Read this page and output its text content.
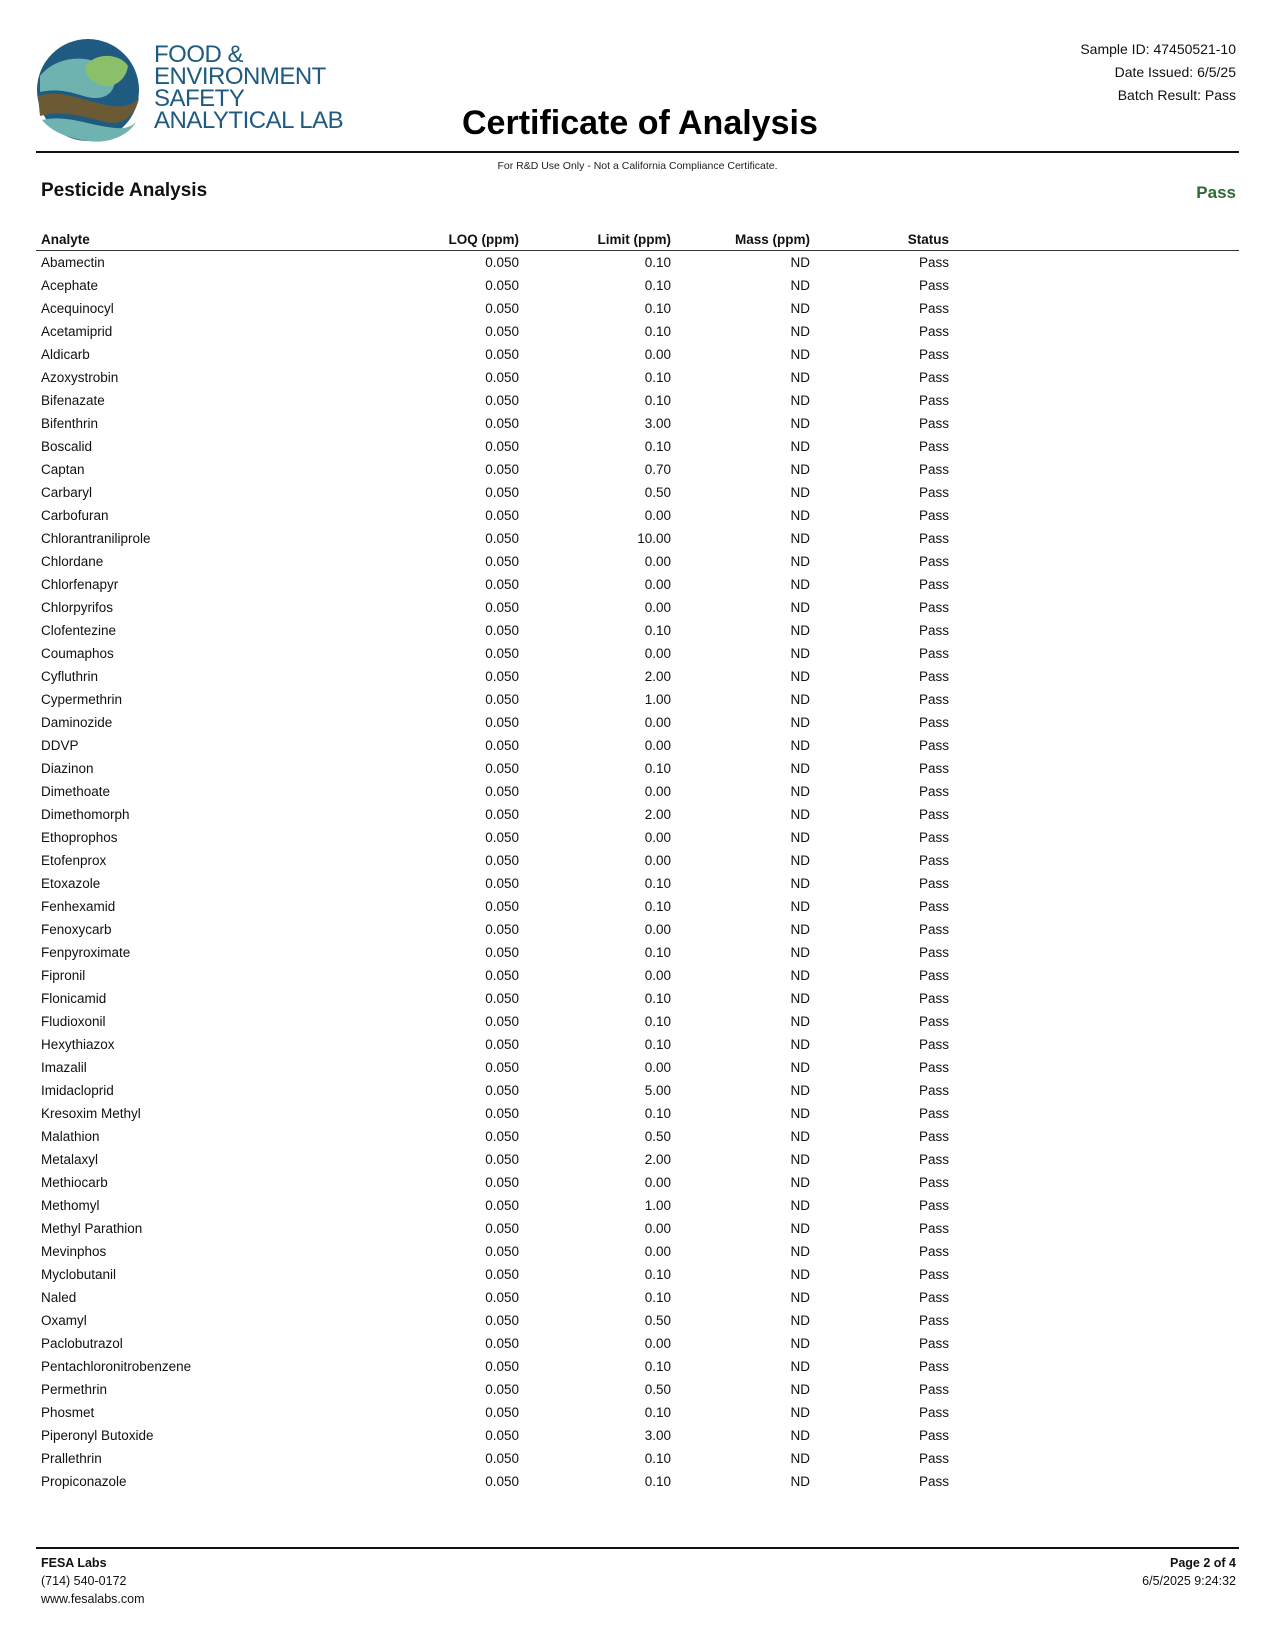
FOOD &
ENVIRONMENT
SAFETY
ANALYTICAL LAB	Certificate of Analysis
Sample ID: 47450521-10
Date Issued: 6/5/25
Batch Result: Pass
For R&D Use Only - Not a California Compliance Certificate.
Pesticide Analysis	Pass
Analyte	LOQ (ppm)	Limit (ppm)	Mass (ppm)	Status
Abamectin	0.050	0.10	ND	Pass
Acephate	0.050	0.10	ND	Pass
Acequinocyl	0.050	0.10	ND	Pass
Acetamiprid	0.050	0.10	ND	Pass
Aldicarb	0.050	0.00	ND	Pass
Azoxystrobin	0.050	0.10	ND	Pass
Bifenazate	0.050	0.10	ND	Pass
Bifenthrin	0.050	3.00	ND	Pass
Boscalid	0.050	0.10	ND	Pass
Captan	0.050	0.70	ND	Pass
Carbaryl	0.050	0.50	ND	Pass
Carbofuran	0.050	0.00	ND	Pass
Chlorantraniliprole	0.050	10.00	ND	Pass
Chlordane	0.050	0.00	ND	Pass
Chlorfenapyr	0.050	0.00	ND	Pass
Chlorpyrifos	0.050	0.00	ND	Pass
Clofentezine	0.050	0.10	ND	Pass
Coumaphos	0.050	0.00	ND	Pass
Cyfluthrin	0.050	2.00	ND	Pass
Cypermethrin	0.050	1.00	ND	Pass
Daminozide	0.050	0.00	ND	Pass
DDVP	0.050	0.00	ND	Pass
Diazinon	0.050	0.10	ND	Pass
Dimethoate	0.050	0.00	ND	Pass
Dimethomorph	0.050	2.00	ND	Pass
Ethoprophos	0.050	0.00	ND	Pass
Etofenprox	0.050	0.00	ND	Pass
Etoxazole	0.050	0.10	ND	Pass
Fenhexamid	0.050	0.10	ND	Pass
Fenoxycarb	0.050	0.00	ND	Pass
Fenpyroximate	0.050	0.10	ND	Pass
Fipronil	0.050	0.00	ND	Pass
Flonicamid	0.050	0.10	ND	Pass
Fludioxonil	0.050	0.10	ND	Pass
Hexythiazox	0.050	0.10	ND	Pass
Imazalil	0.050	0.00	ND	Pass
Imidacloprid	0.050	5.00	ND	Pass
Kresoxim Methyl	0.050	0.10	ND	Pass
Malathion	0.050	0.50	ND	Pass
Metalaxyl	0.050	2.00	ND	Pass
Methiocarb	0.050	0.00	ND	Pass
Methomyl	0.050	1.00	ND	Pass
Methyl Parathion	0.050	0.00	ND	Pass
Mevinphos	0.050	0.00	ND	Pass
Myclobutanil	0.050	0.10	ND	Pass
Naled	0.050	0.10	ND	Pass
Oxamyl	0.050	0.50	ND	Pass
Paclobutrazol	0.050	0.00	ND	Pass
Pentachloronitrobenzene	0.050	0.10	ND	Pass
Permethrin	0.050	0.50	ND	Pass
Phosmet	0.050	0.10	ND	Pass
Piperonyl Butoxide	0.050	3.00	ND	Pass
Prallethrin	0.050	0.10	ND	Pass
Propiconazole	0.050	0.10	ND	Pass
FESA Labs
(714) 540-0172
www.fesalabs.com
Page 2 of 4
6/5/2025 9:24:32
